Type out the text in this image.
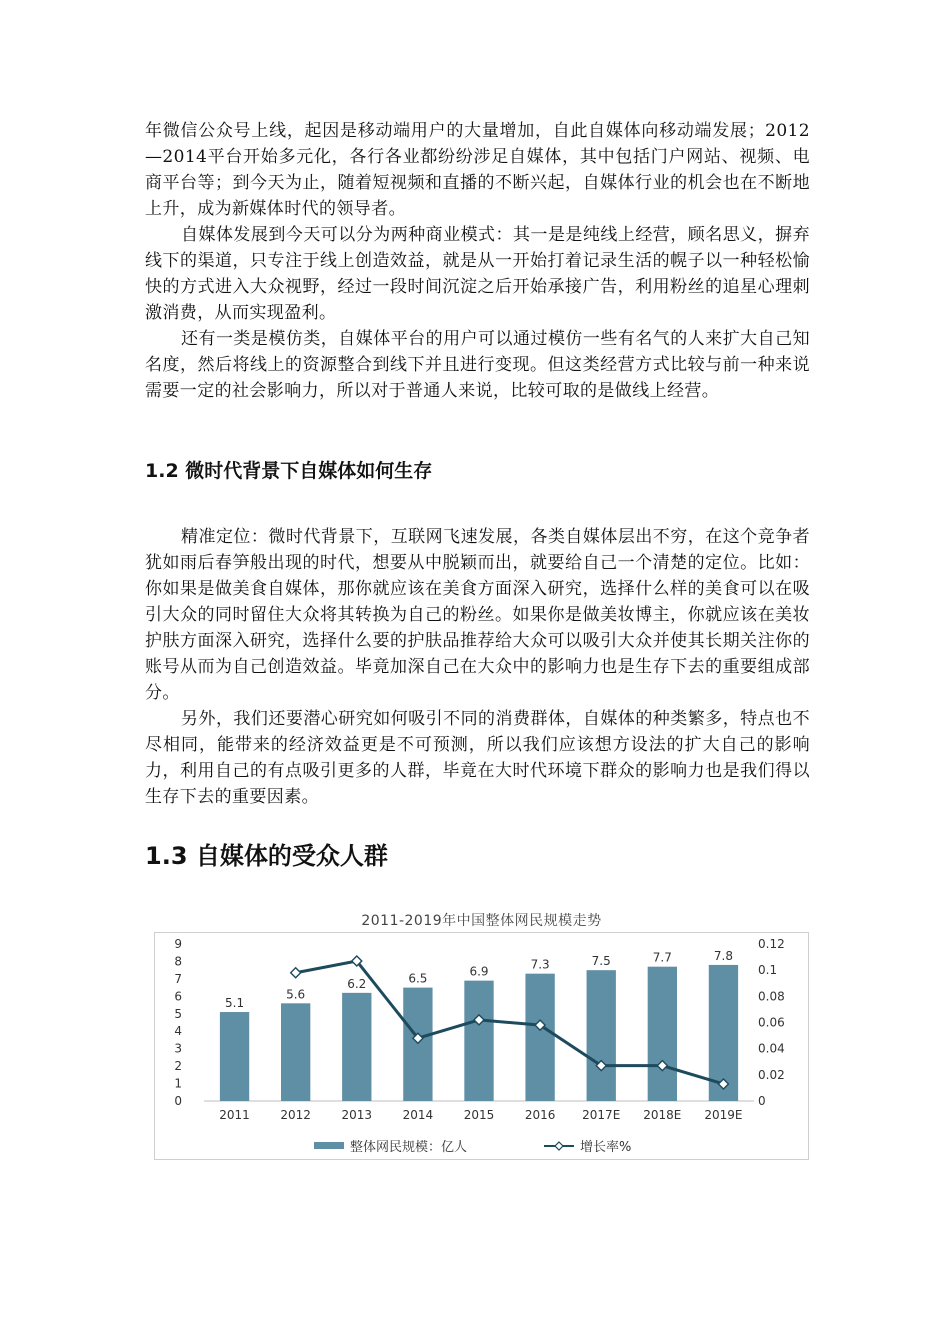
年微信公众号上线，起因是移动端用户的大量增加，自此自媒体向移动端发展；2012—2014平台开始多元化，各行各业都纷纷涉足自媒体，其中包括门户网站、视频、电商平台等；到今天为止，随着短视频和直播的不断兴起，自媒体行业的机会也在不断地上升，成为新媒体时代的领导者。

自媒体发展到今天可以分为两种商业模式：其一是是纯线上经营，顾名思义，摒弃线下的渠道，只专注于线上创造效益，就是从一开始打着记录生活的幌子以一种轻松愉快的方式进入大众视野，经过一段时间沉淀之后开始承接广告，利用粉丝的追星心理刺激消费，从而实现盈利。

还有一类是模仿类，自媒体平台的用户可以通过模仿一些有名气的人来扩大自己知名度，然后将线上的资源整合到线下并且进行变现。但这类经营方式比较与前一种来说需要一定的社会影响力，所以对于普通人来说，比较可取的是做线上经营。

1.2 微时代背景下自媒体如何生存

精准定位：微时代背景下，互联网飞速发展，各类自媒体层出不穷，在这个竞争者犹如雨后春笋般出现的时代，想要从中脱颖而出，就要给自己一个清楚的定位。比如：你如果是做美食自媒体，那你就应该在美食方面深入研究，选择什么样的美食可以在吸引大众的同时留住大众将其转换为自己的粉丝。如果你是做美妆博主，你就应该在美妆护肤方面深入研究，选择什么要的护肤品推荐给大众可以吸引大众并使其长期关注你的账号从而为自己创造效益。毕竟加深自己在大众中的影响力也是生存下去的重要组成部分。

另外，我们还要潜心研究如何吸引不同的消费群体，自媒体的种类繁多，特点也不尽相同，能带来的经济效益更是不可预测，所以我们应该想方设法的扩大自己的影响力，利用自己的有点吸引更多的人群，毕竟在大时代环境下群众的影响力也是我们得以生存下去的重要因素。

1.3 自媒体的受众人群
2011-2019年中国整体网民规模走势
0
1
2
3
4
5
6
7
8
9
0
0.02
0.04
0.06
0.08
0.1
0.12
5.1
2011
5.6
2012
6.2
2013
6.5
2014
6.9
2015
7.3
2016
7.5
2017E
7.7
2018E
7.8
2019E
整体网民规模：亿人	增长率%
